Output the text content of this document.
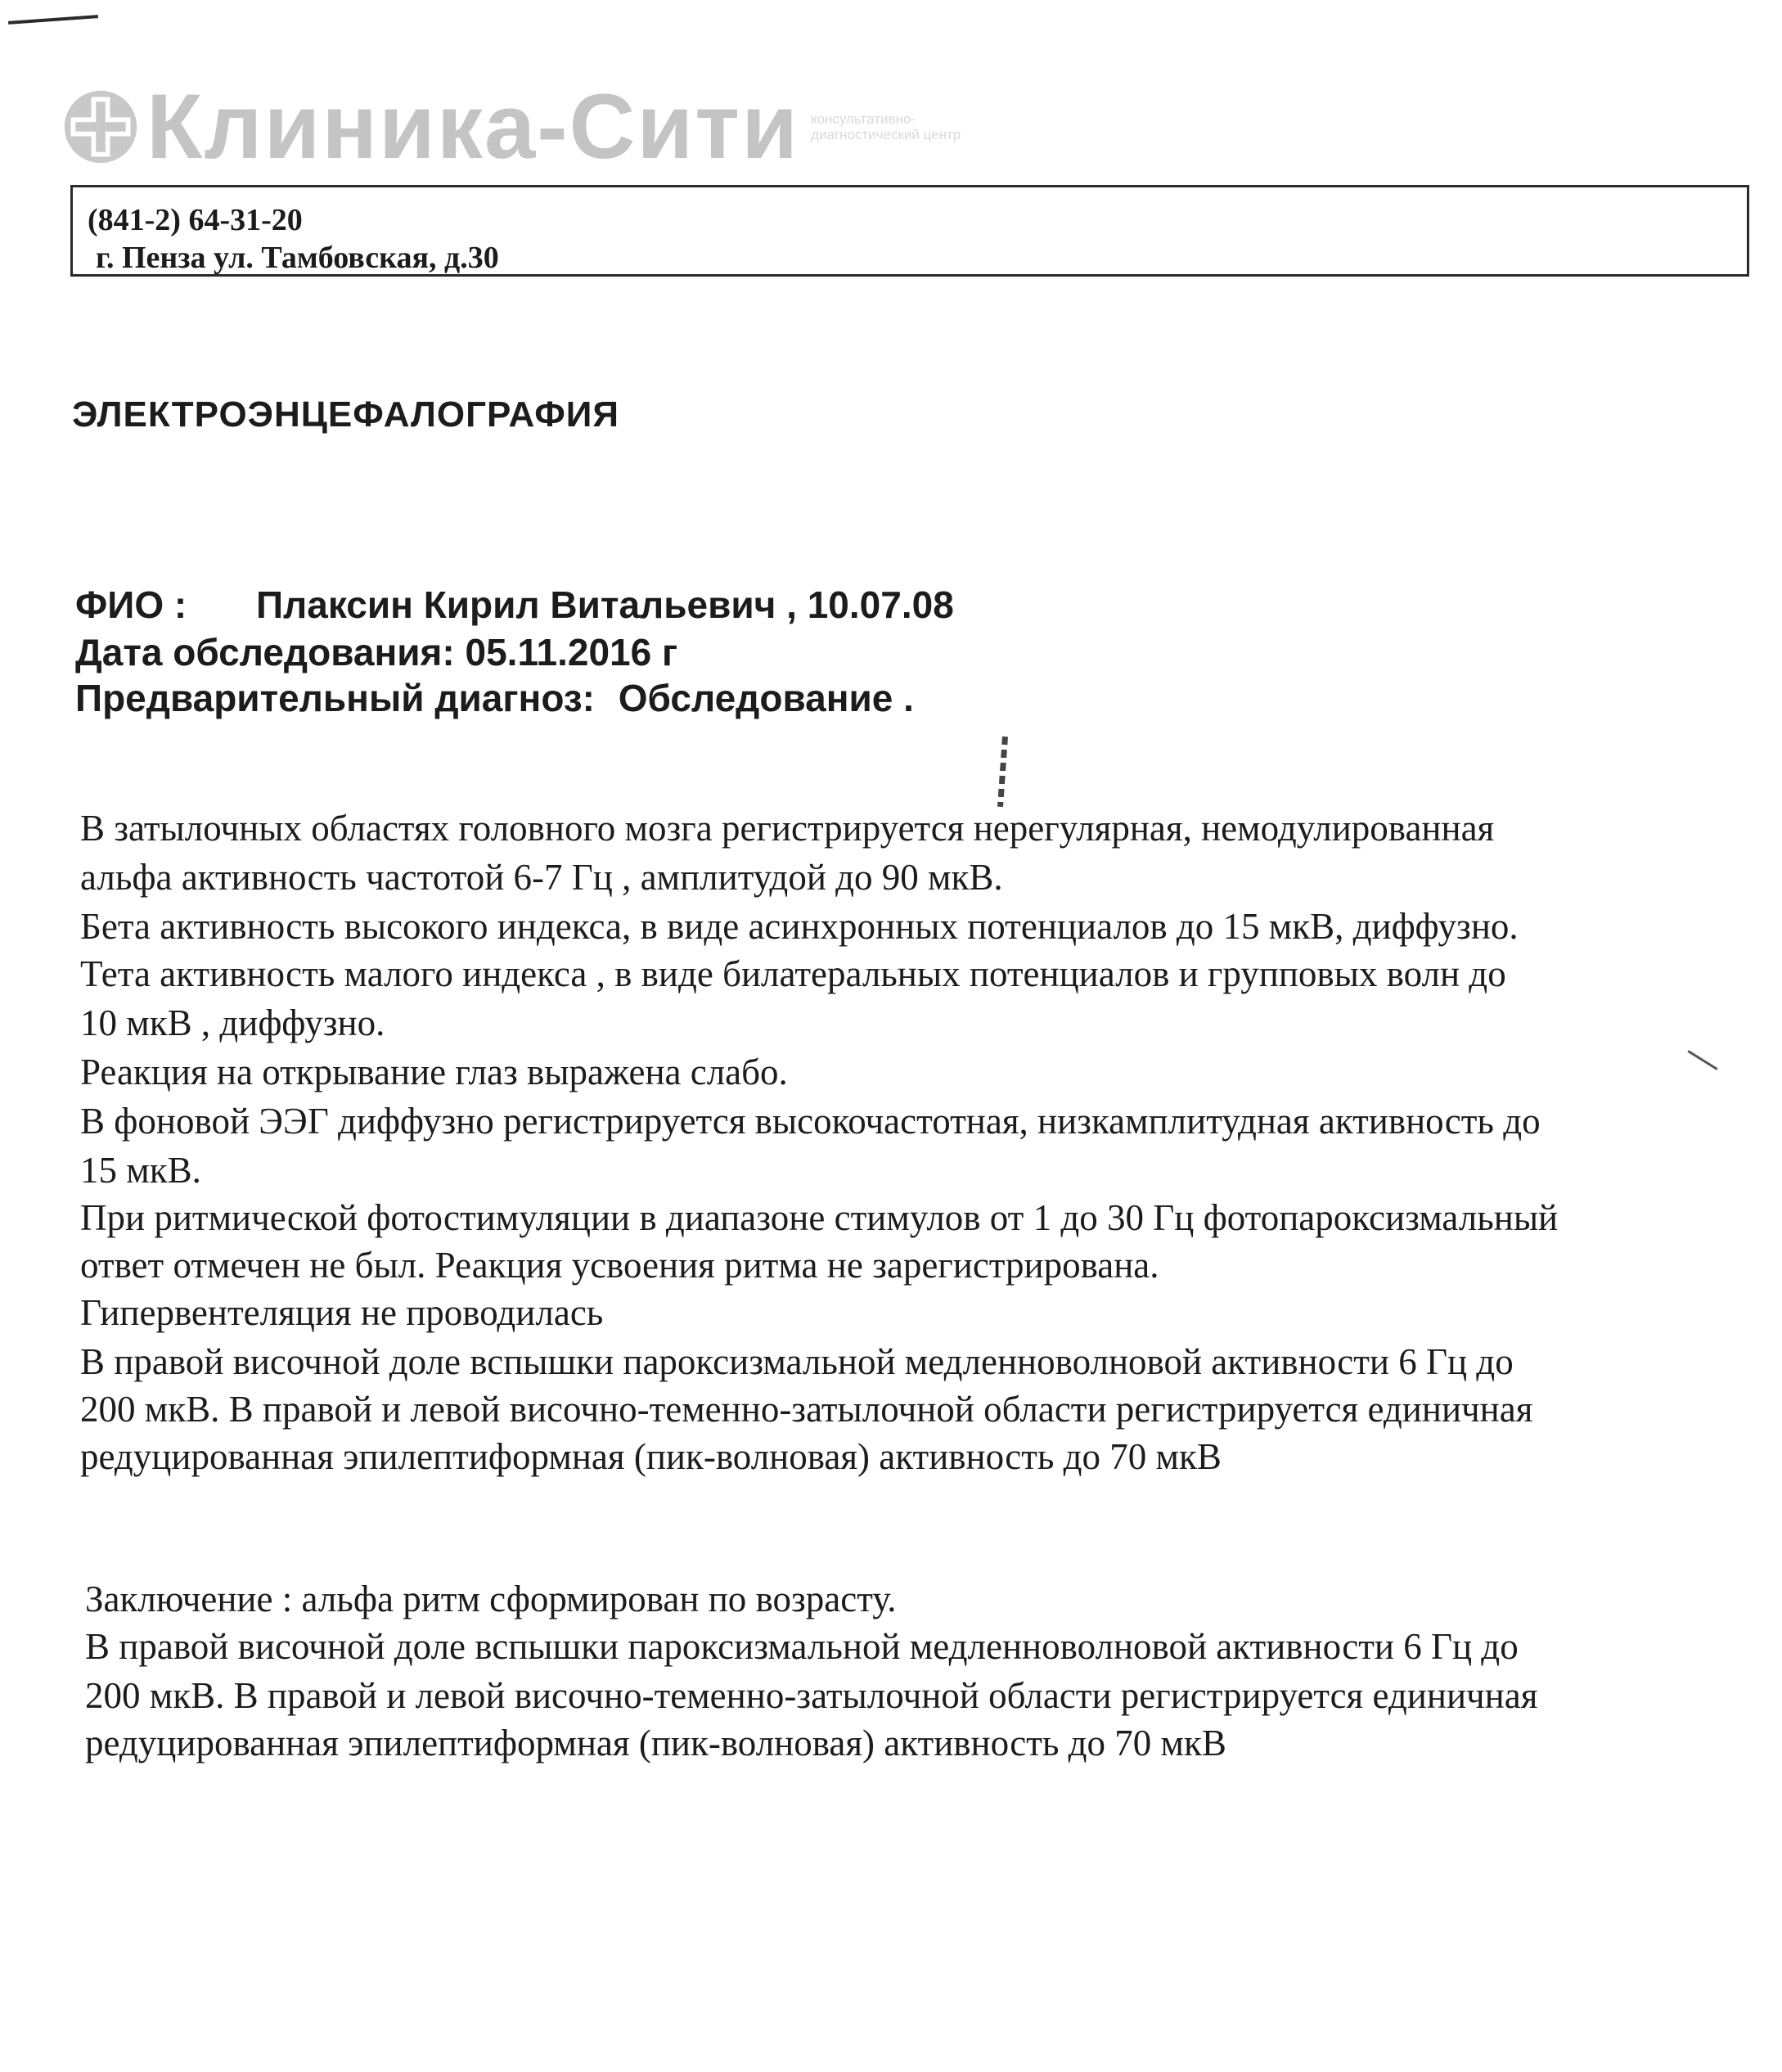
Клиника-Сити консультативно-диагностический центр
(841-2) 64-31-20
г. Пенза ул. Тамбовская, д.30
ЭЛЕКТРОЭНЦЕФАЛОГРАФИЯ
ФИО : Плаксин Кирил Витальевич , 10.07.08
Дата обследования: 05.11.2016 г
Предварительный диагноз: Обследование .
В затылочных областях головного мозга регистрируется нерегулярная, немодулированная
альфа активность частотой 6-7 Гц , амплитудой до 90 мкВ.
Бета активность высокого индекса, в виде асинхронных потенциалов до 15 мкВ, диффузно.
Тета активность малого индекса , в виде билатеральных потенциалов и групповых волн до
10 мкВ , диффузно.
Реакция на открывание глаз выражена слабо.
В фоновой ЭЭГ диффузно регистрируется высокочастотная, низкамплитудная активность до
15 мкВ.
При ритмической фотостимуляции в диапазоне стимулов от 1 до 30 Гц фотопароксизмальный
ответ отмечен не был. Реакция усвоения ритма не зарегистрирована.
Гипервентеляция не проводилась
В правой височной доле вспышки пароксизмальной медленноволновой активности 6 Гц до
200 мкВ. В правой и левой височно-теменно-затылочной области регистрируется единичная
редуцированная эпилептиформная (пик-волновая) активность до 70 мкВ
Заключение : альфа ритм сформирован по возрасту.
В правой височной доле вспышки пароксизмальной медленноволновой активности 6 Гц до
200 мкВ. В правой и левой височно-теменно-затылочной области регистрируется единичная
редуцированная эпилептиформная (пик-волновая) активность до 70 мкВ
